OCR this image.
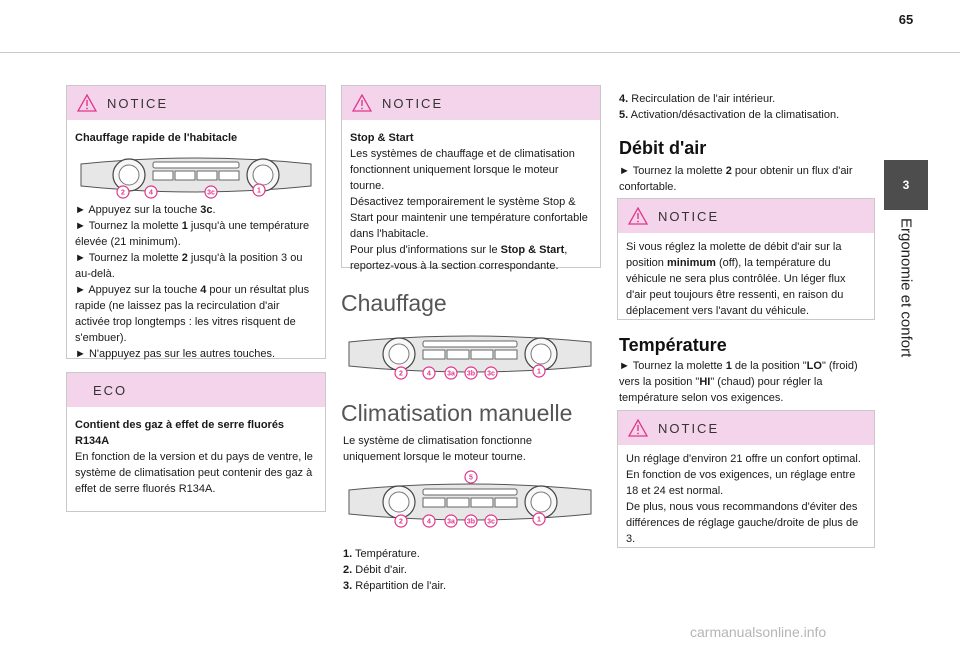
65
3
Ergonomie et confort
NOTICE

Chauffage rapide de l'habitacle

2	4	3c	1

► Appuyez sur la touche 3c.

► Tournez la molette 1 jusqu'à une température élevée (21 minimum).

► Tournez la molette 2 jusqu'à la position 3 ou au-delà.

► Appuyez sur la touche 4 pour un résultat plus rapide (ne laissez pas la recirculation d'air activée trop longtemps : les vitres risquent de s'embuer).

► N'appuyez pas sur les autres touches.

ECO

Contient des gaz à effet de serre fluorés R134A

En fonction de la version et du pays de ventre, le système de climatisation peut contenir des gaz à effet de serre fluorés R134A.

NOTICE

Stop & Start

Les systèmes de chauffage et de climatisation fonctionnent uniquement lorsque le moteur tourne.

Désactivez temporairement le système Stop & Start pour maintenir une température confortable dans l'habitacle.

Pour plus d'informations sur le Stop & Start, reportez-vous à la section correspondante.

Chauffage
2	4 3a 3b 3c	1
Climatisation manuelle
Le système de climatisation fonctionne uniquement lorsque le moteur tourne.
5
2	4 3a 3b 3c	1
1. Température.
2. Débit d'air.
3. Répartition de l'air.
4. Recirculation de l'air intérieur.
5. Activation/désactivation de la climatisation.
Débit d'air
► Tournez la molette 2 pour obtenir un flux d'air confortable.
NOTICE

Si vous réglez la molette de débit d'air sur la position minimum (off), la température du véhicule ne sera plus contrôlée. Un léger flux d'air peut toujours être ressenti, en raison du déplacement vers l'avant du véhicule.

Température
► Tournez la molette 1 de la position "LO" (froid) vers la position "HI" (chaud) pour régler la température selon vos exigences.
NOTICE

Un réglage d'environ 21 offre un confort optimal. En fonction de vos exigences, un réglage entre 18 et 24 est normal.

De plus, nous vous recommandons d'éviter des différences de réglage gauche/droite de plus de 3.

carmanualsonline.info
